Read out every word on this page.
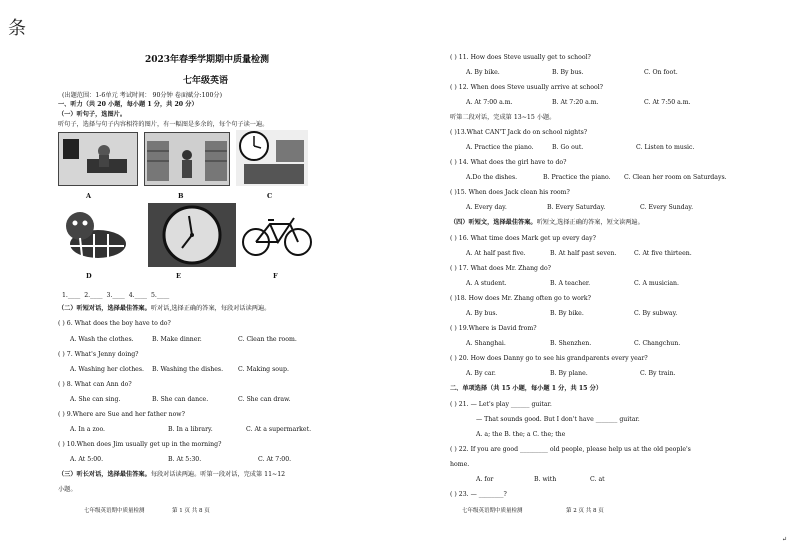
条
↵
2023年春季学期期中质量检测
七年级英语
(出题范围：1-6单元 考试时间： 90分钟 卷面赋分:100分)
一、听力（共 20 小题，每小题 1 分，共 20 分）
（一）听句子，选图片。
听句子，选择与句子内容相符的图片，有一幅图是多余的，每个句子读一遍。
A	B	C
D	E	F
1.____ 2.____ 3.____ 4.____ 5.____
（二）听短对话，选择最佳答案。听对话,选择正确的答案，每段对话读两遍。
( ) 6. What does the boy have to do?
A. Wash the clothes.	B. Make dinner.	C. Clean the room.
( ) 7. What's Jenny doing?
A. Washing her clothes. B. Washing the dishes. C. Making soup.
( ) 8. What can Ann do?
A. She can sing.	B. She can dance.	C. She can draw.
( ) 9.Where are Sue and her father now?
A. In a zoo.	B. In a library.	C. At a supermarket.
( ) 10.When does Jim usually get up in the morning?
A. At 5:00.	B. At 5:30.	C. At 7:00.
（三）听长对话，选择最佳答案。每段对话读两遍。听第一段对话，完成第 11~12
小题。
七年级英语期中质量检测	第 1 页 共 8 页
( ) 11. How does Steve usually get to school?
A. By bike.	B. By bus.	C. On foot.
( ) 12. When does Steve usually arrive at school?
A. At 7:00 a.m.	B. At 7:20 a.m.	C. At 7:50 a.m.
听第二段对话，完成第 13~15 小题。
( )13.What CAN'T Jack do on school nights?
A. Practice the piano.	B. Go out.	C. Listen to music.
( ) 14. What does the girl have to do?
A.Do the dishes.	B. Practice the piano. C. Clean her room on Saturdays.
( )15. When does Jack clean his room?
A. Every day.	B. Every Saturday.	C. Every Sunday.
（四）听短文，选择最佳答案。听短文,选择正确的答案，短文读两遍。
( ) 16. What time does Mark get up every day?
A. At half past five.	B. At half past seven.	C. At five thirteen.
( ) 17. What does Mr. Zhang do?
A. A student.	B. A teacher.	C. A musician.
( )18. How does Mr. Zhang often go to work?
A. By bus.	B. By bike.	C. By subway.
( ) 19.Where is David from?
A. Shanghai.	B. Shenzhen.	C. Changchun.
( ) 20. How does Danny go to see his grandparents every year?
A. By car.	B. By plane.	C. By train.
二、单项选择（共 15 小题，每小题 1 分，共 15 分）
( ) 21. — Let's play ______ guitar.
— That sounds good. But I don't have _______ guitar.
A. a; the B. the; a C. the; the
( ) 22. If you are good _________ old people, please help us at the old people's
home.
A. for	B. with	C. at
( ) 23. — ________?
七年级英语期中质量检测	第 2 页 共 8 页
